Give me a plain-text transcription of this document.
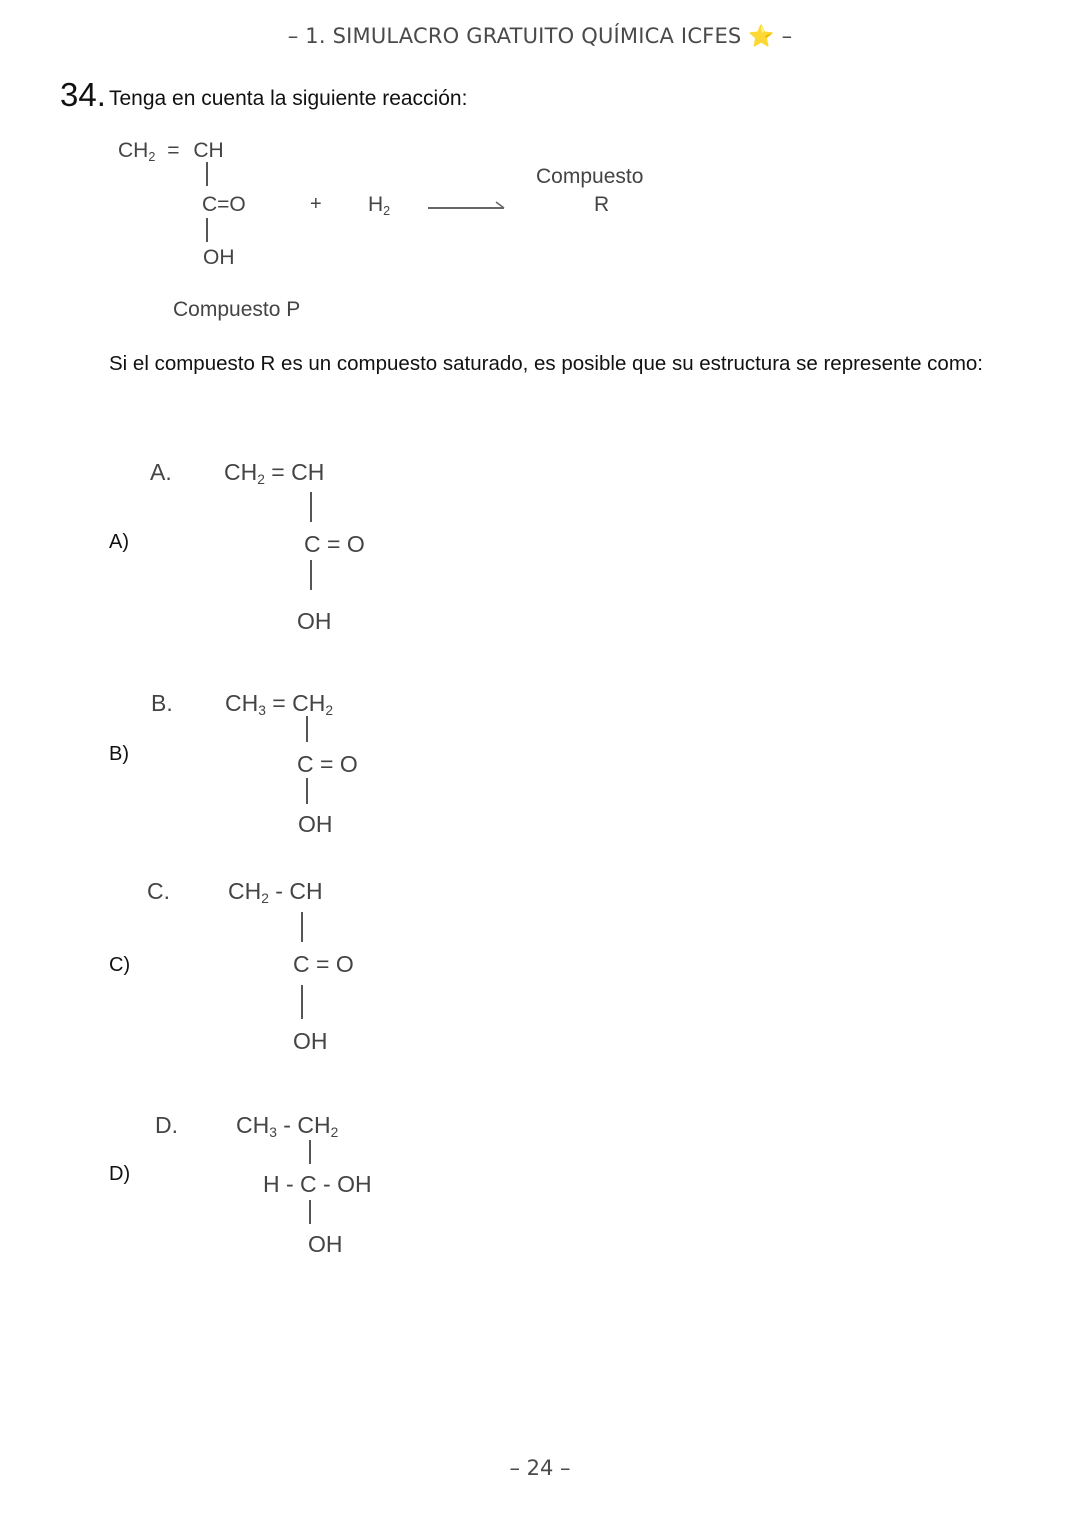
– 1. SIMULACRO GRATUITO QUÍMICA ICFES ⭐ –
34. Tenga en cuenta la siguiente reacción:
$CH_2$ = CH
C=O
OH
Compuesto P
+ $H_2$
Compuesto
R
Si el compuesto R es un compuesto saturado, es posible que su estructura se represente como:
A)
A. $CH_2$ = CH
C = O
OH
B)
B. $CH_3 = CH_2$
C = O
OH
C)
C.	$CH_2$ - CH
C = O
OH
D)
D.	$CH_3 - CH_2$
H - C - OH
OH
– 24 –
